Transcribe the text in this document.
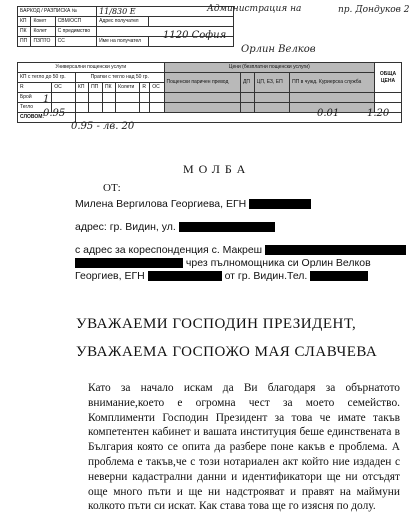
БАРКОД / РАЗПИСКА №			11/830 Е	
КП	Кокет	СВМ/ОСП	Адрес получател	
ПК	Колет	С предимство		
ПП	ПЗПТО	СС	Име на получател	
Администрация на	пр. Дондуков 2
1120 София
Орлин Велков
Универсални пощенски услуги								Цени (безплатни пощенски услуги)				ОБЩА ЦЕНА
КП с тегло до 50 гр.		Пратки с тегло над 50 гр.						Пощенски паричен превод	ДП	ЦП, ЕЗ, ЕП	ПП в чужд. Куриерска служба	
R	ОС	КП	ПП	ПК	Колети	R	ОС					
Брой												
Тегло												
СЛОВОМ:												
1
0.95	0.01	1.20
0.95 - лв. 20
МОЛБА
ОТ:
Милена Вергилова Георгиева, ЕГН
адрес: гр. Видин, ул.
с адрес за кореспонденция с. Макреш
чрез пълномощника си Орлин Велков
Георгиев, ЕГН	от гр. Видин.Тел.
УВАЖАЕМИ ГОСПОДИН ПРЕЗИДЕНТ,
УВАЖАЕМА ГОСПОЖО МАЯ СЛАВЧЕВА
Като за начало искам да Ви благодаря за обърнатото внимание,което е огромна чест за моето семейство. Комплименти Господин Президент за това че имате такъв компетентен кабинет и вашата институция беше единствената в България която се опита да разбере поне какъв е проблема. А проблема е такъв,че с този нотариален акт който ние издаден с неверни кадастрални данни и идентификатори ще ни отсъдят още много пъти и ще ни надстрояват и правят на маймуни колкото пъти си искат. Как става това ще го изясня по долу.
